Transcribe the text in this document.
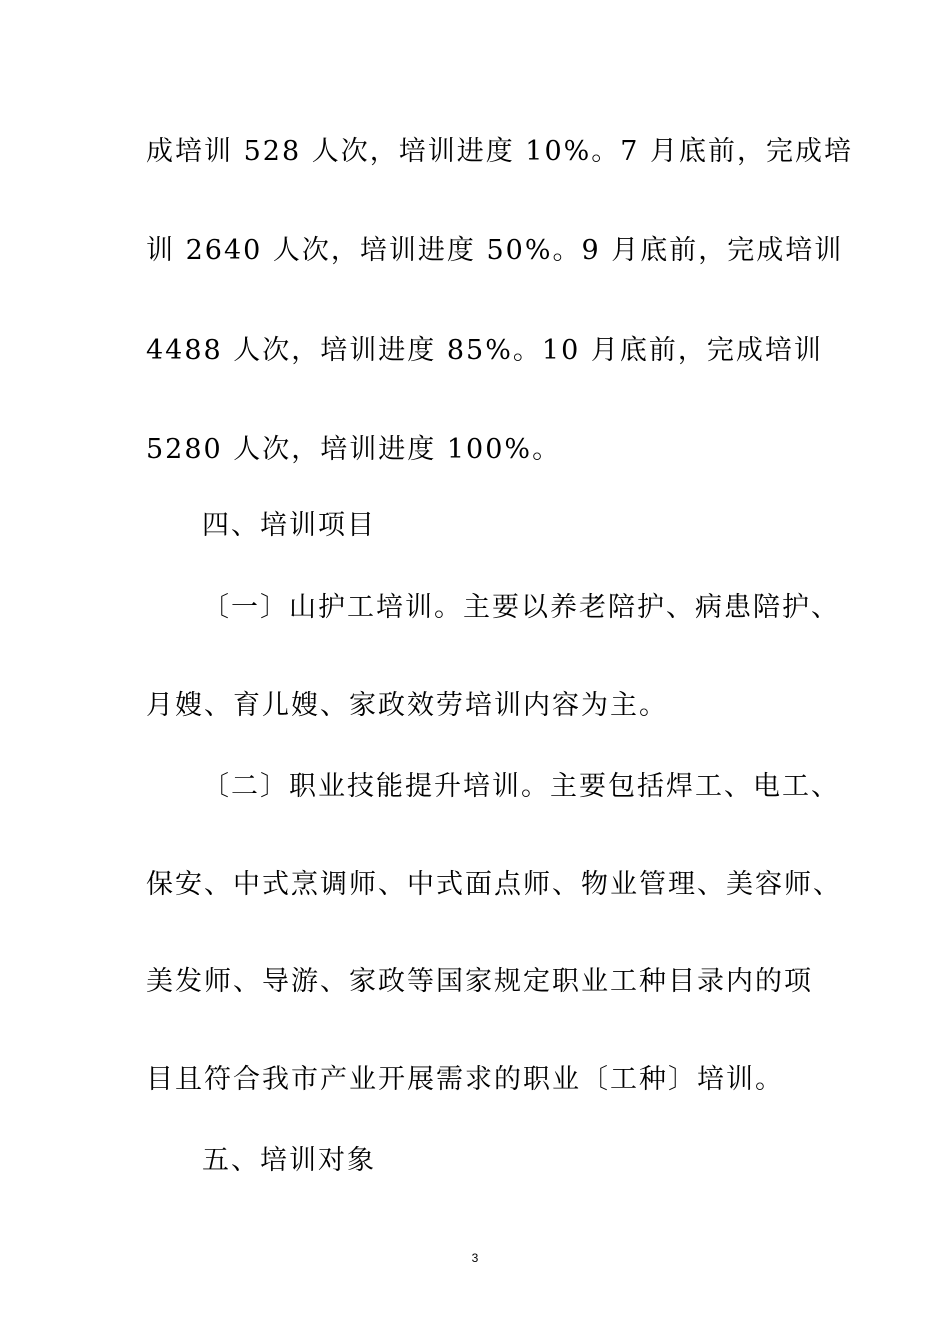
成培训 528 人次，培训进度 10%。7 月底前，完成培
训 2640 人次，培训进度 50%。9 月底前，完成培训
4488 人次，培训进度 85%。10 月底前，完成培训
5280 人次，培训进度 100%。
四、培训项目
〔一〕山护工培训。主要以养老陪护、病患陪护、
月嫂、育儿嫂、家政效劳培训内容为主。
〔二〕职业技能提升培训。主要包括焊工、电工、
保安、中式烹调师、中式面点师、物业管理、美容师、
美发师、导游、家政等国家规定职业工种目录内的项
目且符合我市产业开展需求的职业〔工种〕培训。
五、培训对象
3
